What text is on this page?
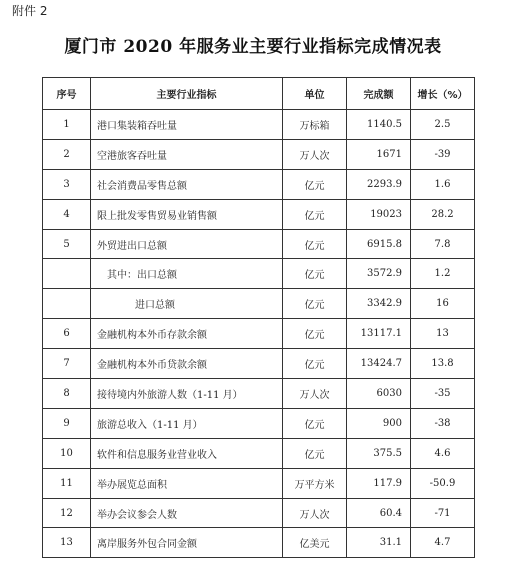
附件 2
厦门市 2020 年服务业主要行业指标完成情况表
序号	主要行业指标	单位	完成额	增长（%）
1	港口集装箱吞吐量	万标箱	1140.5	2.5
2	空港旅客吞吐量	万人次	1671	-39
3	社会消费品零售总额	亿元	2293.9	1.6
4	限上批发零售贸易业销售额	亿元	19023	28.2
5	外贸进出口总额	亿元	6915.8	7.8
	其中：出口总额	亿元	3572.9	1.2
	进口总额	亿元	3342.9	16
6	金融机构本外币存款余额	亿元	13117.1	13
7	金融机构本外币贷款余额	亿元	13424.7	13.8
8	接待境内外旅游人数（1-11 月）	万人次	6030	-35
9	旅游总收入（1-11 月）	亿元	900	-38
10	软件和信息服务业营业收入	亿元	375.5	4.6
11	举办展览总面积	万平方米	117.9	-50.9
12	举办会议参会人数	万人次	60.4	-71
13	离岸服务外包合同金额	亿美元	31.1	4.7
